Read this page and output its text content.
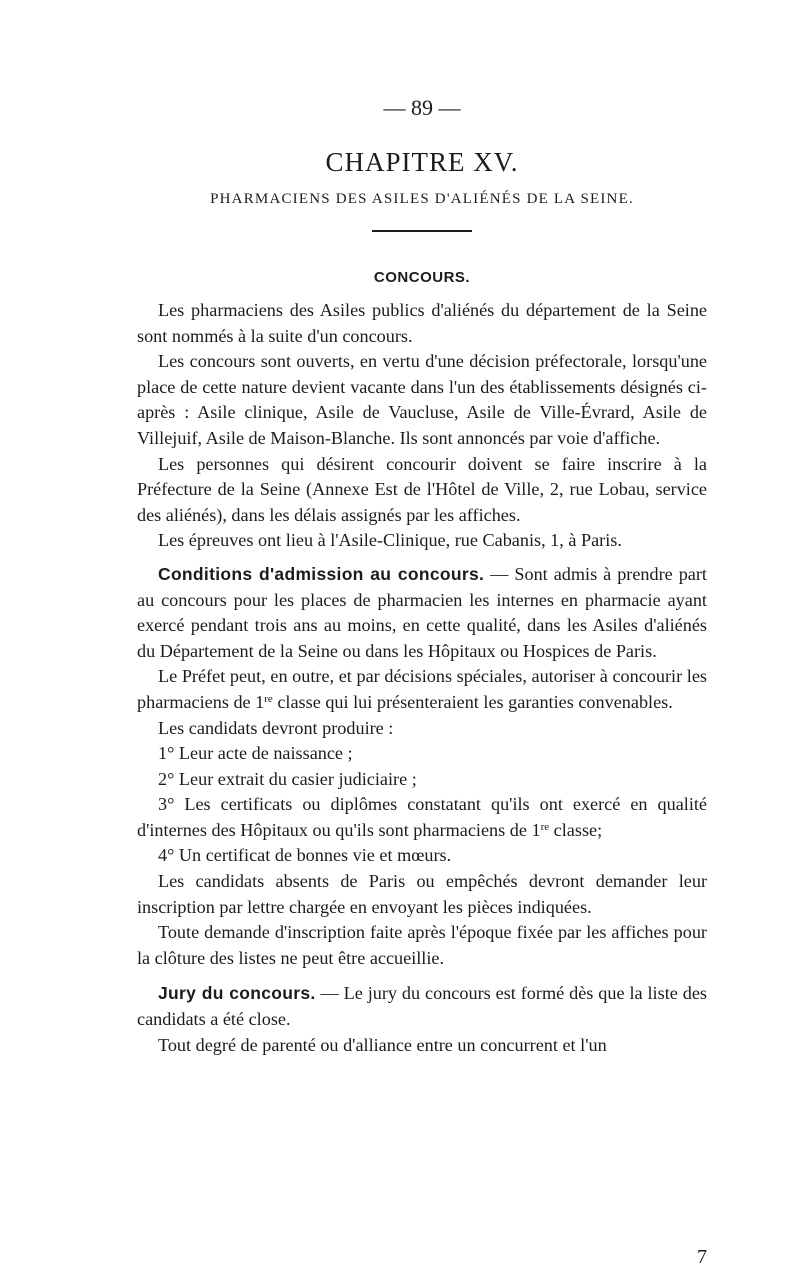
— 89 —
CHAPITRE XV.
PHARMACIENS DES ASILES D'ALIÉNÉS DE LA SEINE.
CONCOURS.

Les pharmaciens des Asiles publics d'aliénés du département de la Seine sont nommés à la suite d'un concours.

Les concours sont ouverts, en vertu d'une décision préfectorale, lorsqu'une place de cette nature devient vacante dans l'un des établissements désignés ci-après : Asile clinique, Asile de Vaucluse, Asile de Ville-Évrard, Asile de Villejuif, Asile de Maison-Blanche. Ils sont annoncés par voie d'affiche.

Les personnes qui désirent concourir doivent se faire inscrire à la Préfecture de la Seine (Annexe Est de l'Hôtel de Ville, 2, rue Lobau, service des aliénés), dans les délais assignés par les affiches.

Les épreuves ont lieu à l'Asile-Clinique, rue Cabanis, 1, à Paris.

Conditions d'admission au concours. — Sont admis à prendre part au concours pour les places de pharmacien les internes en pharmacie ayant exercé pendant trois ans au moins, en cette qualité, dans les Asiles d'aliénés du Département de la Seine ou dans les Hôpitaux ou Hospices de Paris.

Le Préfet peut, en outre, et par décisions spéciales, autoriser à concourir les pharmaciens de 1re classe qui lui présenteraient les garanties convenables.

Les candidats devront produire :

1° Leur acte de naissance ;

2° Leur extrait du casier judiciaire ;

3° Les certificats ou diplômes constatant qu'ils ont exercé en qualité d'internes des Hôpitaux ou qu'ils sont pharmaciens de 1re classe;

4° Un certificat de bonnes vie et mœurs.

Les candidats absents de Paris ou empêchés devront demander leur inscription par lettre chargée en envoyant les pièces indiquées.

Toute demande d'inscription faite après l'époque fixée par les affiches pour la clôture des listes ne peut être accueillie.

Jury du concours. — Le jury du concours est formé dès que la liste des candidats a été close.

Tout degré de parenté ou d'alliance entre un concurrent et l'un

7
